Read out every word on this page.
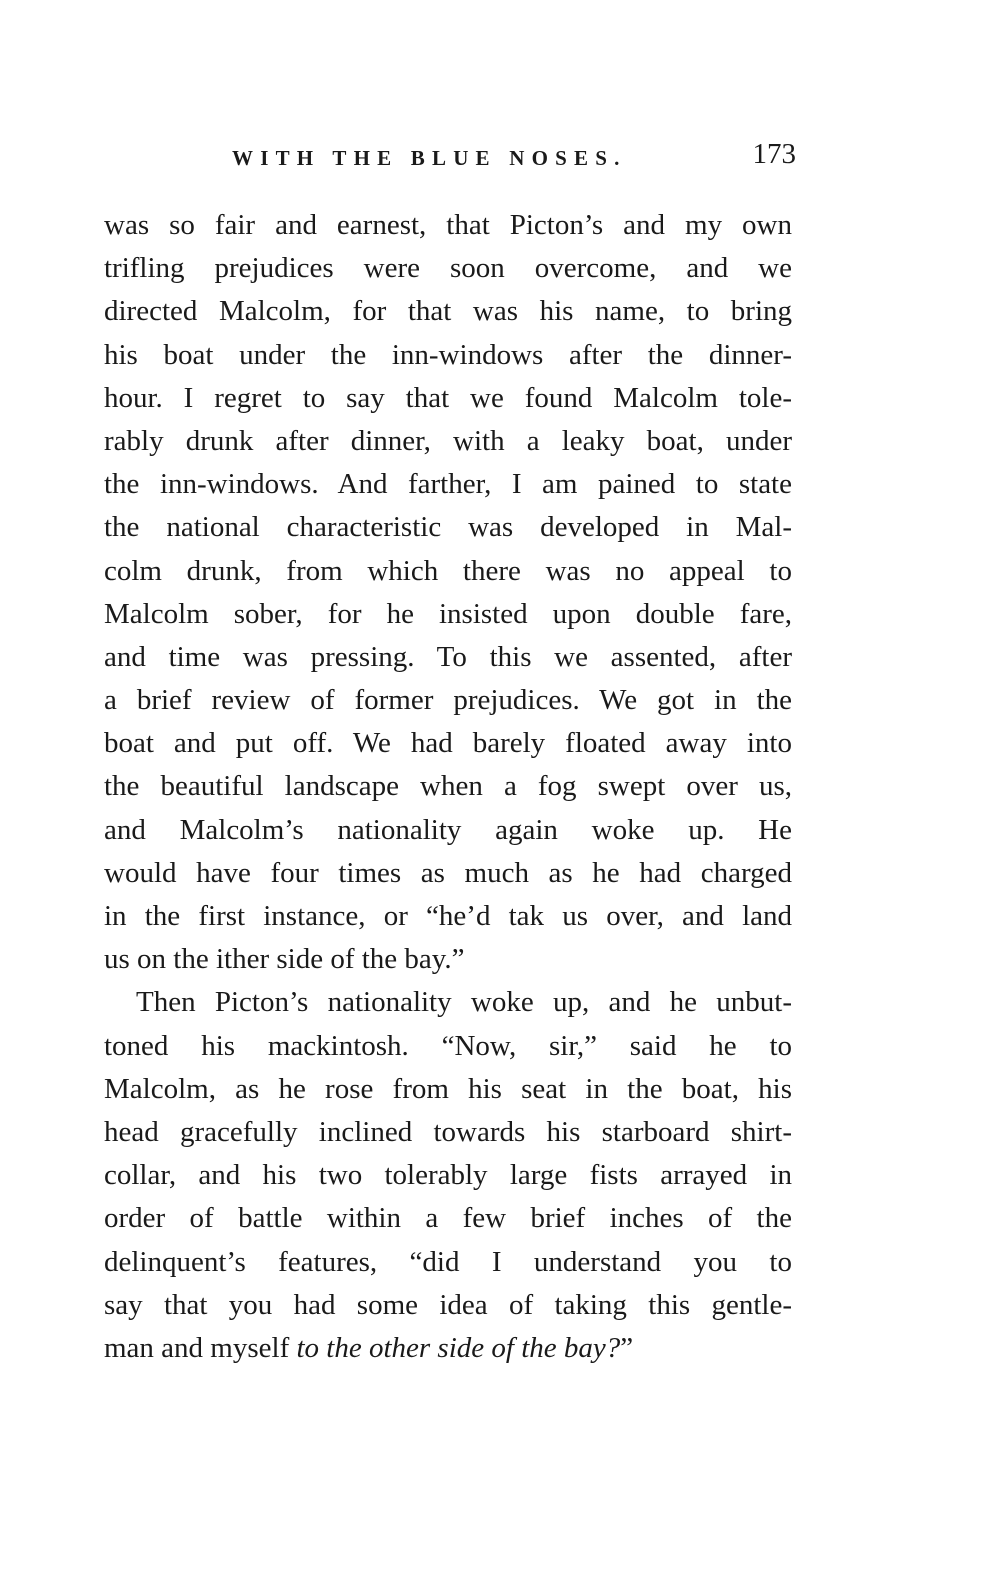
WITH THE BLUE NOSES.	173
was so fair and earnest, that Picton’s and my own
trifling prejudices were soon overcome, and we
directed Malcolm, for that was his name, to bring
his boat under the inn-windows after the dinner-
hour. I regret to say that we found Malcolm tole-
rably drunk after dinner, with a leaky boat, under
the inn-windows. And farther, I am pained to state
the national characteristic was developed in Mal-
colm drunk, from which there was no appeal to
Malcolm sober, for he insisted upon double fare,
and time was pressing. To this we assented, after
a brief review of former prejudices. We got in the
boat and put off. We had barely floated away into
the beautiful landscape when a fog swept over us,
and Malcolm’s nationality again woke up. He
would have four times as much as he had charged
in the first instance, or “he’d tak us over, and land
us on the ither side of the bay.”
Then Picton’s nationality woke up, and he unbut-
toned his mackintosh. “Now, sir,” said he to
Malcolm, as he rose from his seat in the boat, his
head gracefully inclined towards his starboard shirt-
collar, and his two tolerably large fists arrayed in
order of battle within a few brief inches of the
delinquent’s features, “did I understand you to
say that you had some idea of taking this gentle-
man and myself to the other side of the bay?”
